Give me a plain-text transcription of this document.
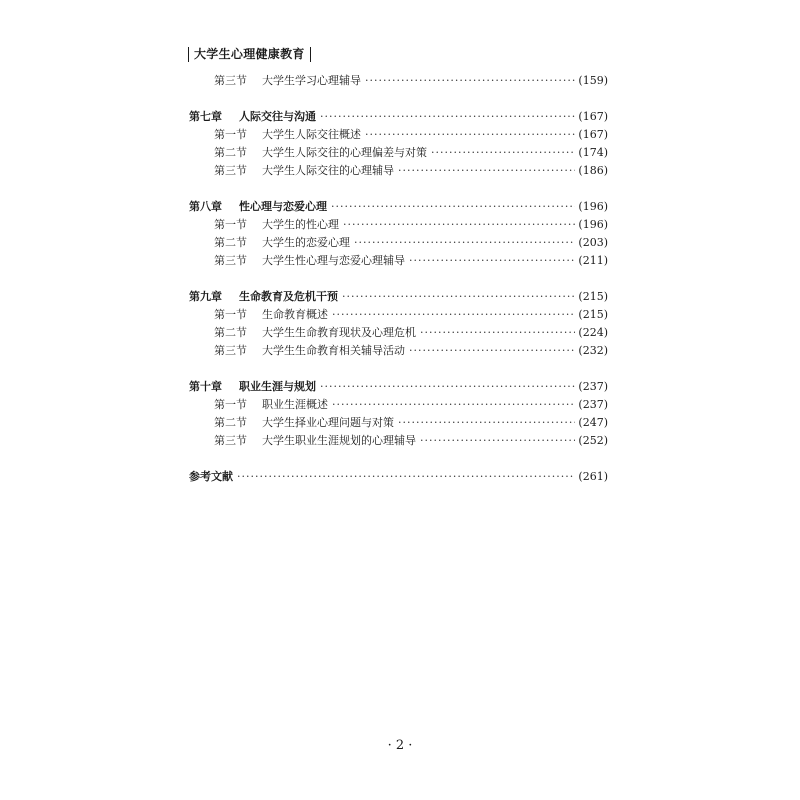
大学生心理健康教育
第三节	大学生学习心理辅导 ·····	(159)
第七章	人际交往与沟通 ·····	(167)
第一节	大学生人际交往概述 ·····	(167)
第二节	大学生人际交往的心理偏差与对策 ·····	(174)
第三节	大学生人际交往的心理辅导 ·····	(186)
第八章	性心理与恋爱心理 ·····	(196)
第一节	大学生的性心理 ·····	(196)
第二节	大学生的恋爱心理 ·····	(203)
第三节	大学生性心理与恋爱心理辅导 ·····	(211)
第九章	生命教育及危机干预 ·····	(215)
第一节	生命教育概述 ·····	(215)
第二节	大学生生命教育现状及心理危机 ·····	(224)
第三节	大学生生命教育相关辅导活动 ·····	(232)
第十章	职业生涯与规划 ·····	(237)
第一节	职业生涯概述 ·····	(237)
第二节	大学生择业心理问题与对策 ·····	(247)
第三节	大学生职业生涯规划的心理辅导 ·····	(252)
参考文献 ·····	(261)
· 2 ·
